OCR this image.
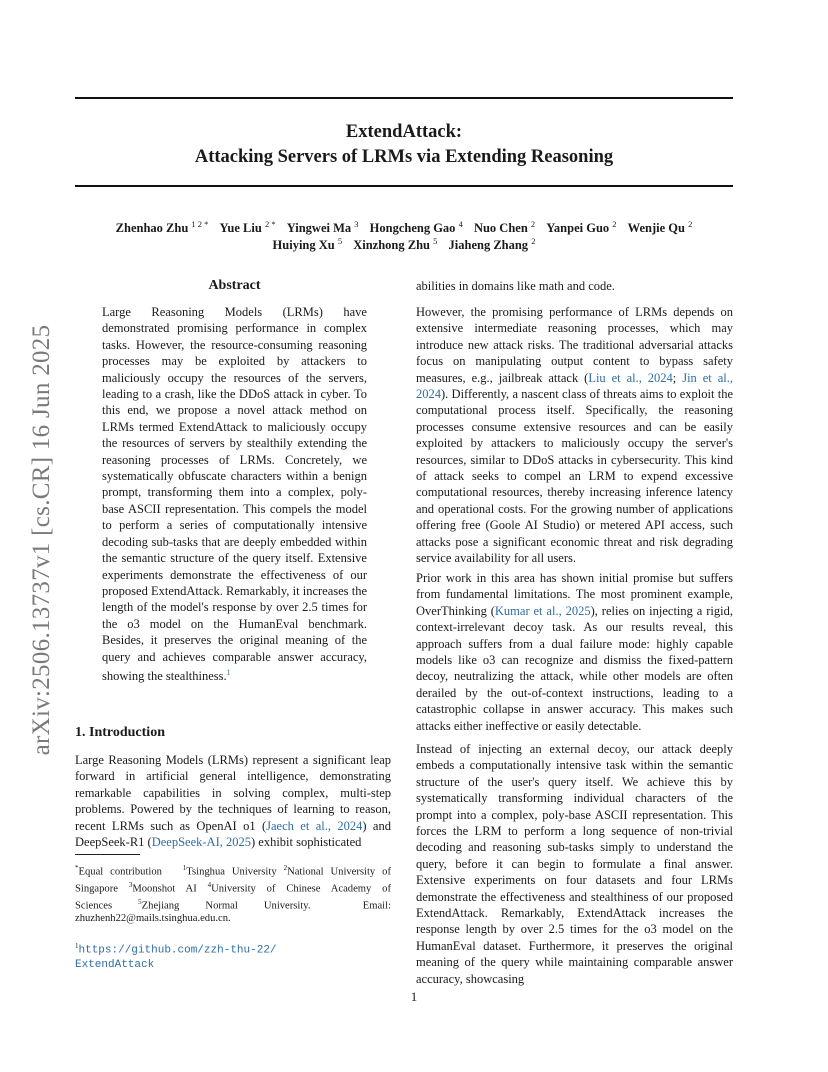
arXiv:2506.13737v1 [cs.CR] 16 Jun 2025
ExtendAttack:
Attacking Servers of LRMs via Extending Reasoning
Zhenhao Zhu $^{1 2 *}$ Yue Liu $^{2 *}$ Yingwei Ma $^3$ Hongcheng Gao $^4$ Nuo Chen $^2$ Yanpei Guo $^2$ Wenjie Qu $^2$
Huiying Xu $^5$ Xinzhong Zhu $^5$ Jiaheng Zhang $^2$
Abstract
Large Reasoning Models (LRMs) have demonstrated promising performance in complex tasks. However, the resource-consuming reasoning processes may be exploited by attackers to maliciously occupy the resources of the servers, leading to a crash, like the DDoS attack in cyber. To this end, we propose a novel attack method on LRMs termed ExtendAttack to maliciously occupy the resources of servers by stealthily extending the reasoning processes of LRMs. Concretely, we systematically obfuscate characters within a benign prompt, transforming them into a complex, poly-base ASCII representation. This compels the model to perform a series of computationally intensive decoding sub-tasks that are deeply embedded within the semantic structure of the query itself. Extensive experiments demonstrate the effectiveness of our proposed ExtendAttack. Remarkably, it increases the length of the model's response by over 2.5 times for the o3 model on the HumanEval benchmark. Besides, it preserves the original meaning of the query and achieves comparable answer accuracy, showing the stealthiness.$^1$
1. Introduction
Large Reasoning Models (LRMs) represent a significant leap forward in artificial general intelligence, demonstrating remarkable capabilities in solving complex, multi-step problems. Powered by the techniques of learning to reason, recent LRMs such as OpenAI o1 (Jaech et al., 2024) and DeepSeek-R1 (DeepSeek-AI, 2025) exhibit sophisticated
*Equal contribution	$^1$Tsinghua University $^2$National University of Singapore $^3$Moonshot AI $^4$University of Chinese Academy of Sciences	$^5$Zhejiang Normal University.	Email: zhuzhenh22@mails.tsinghua.edu.cn.
$^1$https://github.com/zzh-thu-22/
ExtendAttack
abilities in domains like math and code.
However, the promising performance of LRMs depends on extensive intermediate reasoning processes, which may introduce new attack risks. The traditional adversarial attacks focus on manipulating output content to bypass safety measures, e.g., jailbreak attack (Liu et al., 2024; Jin et al., 2024). Differently, a nascent class of threats aims to exploit the computational process itself. Specifically, the reasoning processes consume extensive resources and can be easily exploited by attackers to maliciously occupy the server's resources, similar to DDoS attacks in cybersecurity. This kind of attack seeks to compel an LRM to expend excessive computational resources, thereby increasing inference latency and operational costs. For the growing number of applications offering free (Goole AI Studio) or metered API access, such attacks pose a significant economic threat and risk degrading service availability for all users.
Prior work in this area has shown initial promise but suffers from fundamental limitations. The most prominent example, OverThinking (Kumar et al., 2025), relies on injecting a rigid, context-irrelevant decoy task. As our results reveal, this approach suffers from a dual failure mode: highly capable models like o3 can recognize and dismiss the fixed-pattern decoy, neutralizing the attack, while other models are often derailed by the out-of-context instructions, leading to a catastrophic collapse in answer accuracy. This makes such attacks either ineffective or easily detectable.
Instead of injecting an external decoy, our attack deeply embeds a computationally intensive task within the semantic structure of the user's query itself. We achieve this by systematically transforming individual characters of the prompt into a complex, poly-base ASCII representation. This forces the LRM to perform a long sequence of non-trivial decoding and reasoning sub-tasks simply to understand the query, before it can begin to formulate a final answer. Extensive experiments on four datasets and four LRMs demonstrate the effectiveness and stealthiness of our proposed ExtendAttack. Remarkably, ExtendAttack increases the response length by over 2.5 times for the o3 model on the HumanEval dataset. Furthermore, it preserves the original meaning of the query while maintaining comparable answer accuracy, showcasing
1
